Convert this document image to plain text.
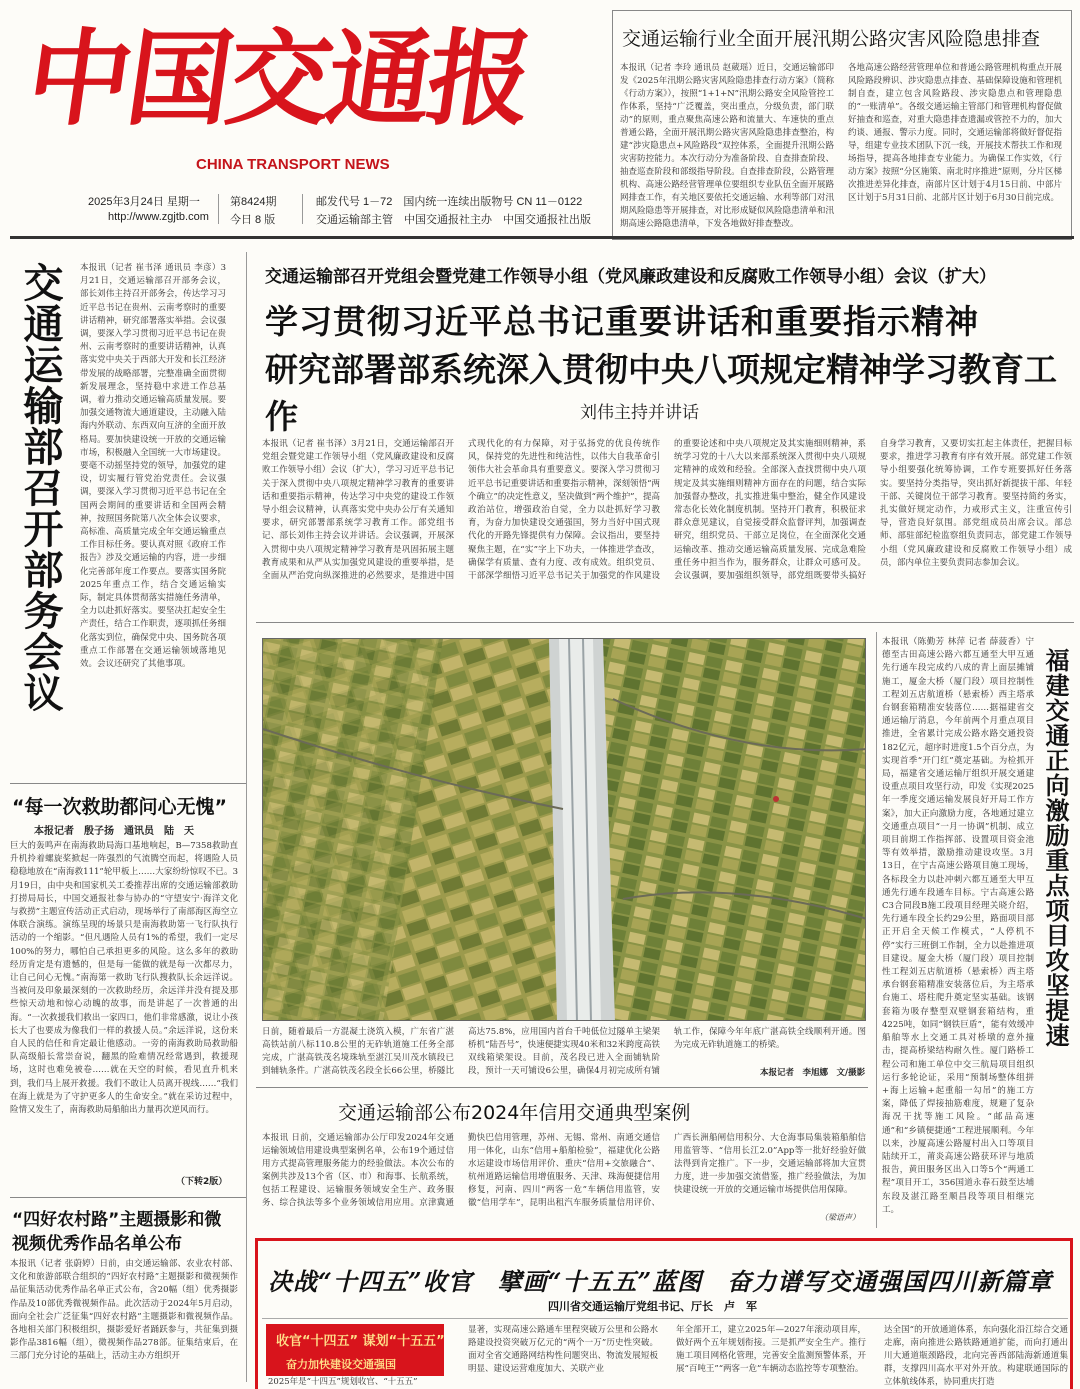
中国交通报
CHINA TRANSPORT NEWS
2025年3月24日 星期一
http://www.zgjtb.com
第8424期
今日 8 版
邮发代号 1－72　国内统一连续出版物号 CN 11－0122
交通运输部主管　中国交通报社主办　中国交通报社出版
交通运输行业全面开展汛期公路灾害风险隐患排查
本报讯（记者 李玲 通讯员 赵葳瑶）近日，交通运输部印发《2025年汛期公路灾害风险隐患排查行动方案》（简称《行动方案》），按照“1+1+N”汛期公路安全风险管控工作体系，坚持“广泛覆盖，突出重点，分级负责，部门联动”的原则，重点聚焦高速公路和流量大、车速快的重点普通公路，全面开展汛期公路灾害风险隐患排查整治，构建“涉灾隐患点+风险路段”双控体系，全面提升汛期公路灾害防控能力。本次行动分为准备阶段、自查排查阶段、抽查巡查阶段和部级指导阶段。自查排查阶段，公路管理机构、高速公路经营管理单位要组织专业队伍全面开展路网排查工作，有关地区要依托交通运输、水利等部门对汛期风险隐患等开展排查，对比形成疑似风险隐患清单和汛期高速公路隐患清单，下发各地做好排查整改。
各地高速公路经营管理单位和普通公路管理机构重点开展风险路段辨识、涉灾隐患点排查、基础保障设施和管理机制自查，建立包含风险路段、涉灾隐患点和管理隐患的“一账清单”。各级交通运输主管部门和管理机构督促做好抽查和巡查，对重大隐患排查遗漏或管控不力的，加大约谈、通报、警示力度。同时，交通运输部将做好督促指导，组建专业技术团队下沉一线，开展技术帮扶工作和现场指导，提高各地排查专业能力。为确保工作实效，《行动方案》按照“分区施策、南北时序推进”原则，分片区梯次推进差异化排查，南部片区计划于4月15日前、中部片区计划于5月31日前、北部片区计划于6月30日前完成。
交通运输部召开部务会议 本报讯（记者 崔书泽 通讯员 李彦）3月21日，交通运输部召开部务会议，部长刘伟主持召开部务会，传达学习习近平总书记在贵州、云南考察时的重要讲话精神，研究部署落实举措。会议强调，要深入学习贯彻习近平总书记在贵州、云南考察时的重要讲话精神，认真落实党中央关于西部大开发和长江经济带发展的战略部署，完整准确全面贯彻新发展理念，坚持稳中求进工作总基调，着力推动交通运输高质量发展。要加强交通物流大通道建设，主动融入陆海内外联动、东西双向互济的全面开放格局。要加快建设统一开放的交通运输市场，积极融入全国统一大市场建设。要毫不动摇坚持党的领导，加强党的建设，切实履行管党治党责任。会议强调，要深入学习贯彻习近平总书记在全国两会期间的重要讲话和全国两会精神，按照国务院第八次全体会议要求，高标准、高质量完成全年交通运输重点工作目标任务。要认真对照《政府工作报告》涉及交通运输的内容，进一步细化完善部年度工作要点。要落实国务院2025年重点工作，结合交通运输实际，制定具体贯彻落实措施任务清单，全力以赴抓好落实。要坚决扛起安全生产责任，结合工作职责，逐项抓任务细化落实到位，确保党中央、国务院各项重点工作部署在交通运输领域落地见效。会议还研究了其他事项。
“每一次救助都问心无愧”
本报记者　殷子扬　通讯员　陆　天
巨大的轰鸣声在南海救助局海口基地响起，B—7358救助直升机拎着螺旋桨掀起一阵强烈的气流腾空而起，将遇险人员稳稳地放在“南海救111”轮甲板上……大家纷纷惊叹不已。3月19日，由中央和国家机关工委推荐出席的交通运输部救助打捞局局长，中国交通报社参与协办的“守望安宁·海洋文化与救捞”主题宣传活动正式启动，现场举行了南部海区海空立体联合演练。演练呈现的场景只是南海救助第一飞行队执行活动的一个缩影。“但凡遇险人员有1%的希望，我们一定尽100%的努力，哪怕自己承担更多的风险。这么多年的救助经历肯定是有遗憾的，但是每一能做的就是每一次都尽力，让自己问心无愧。”南海第一救助飞行队搜救队长余远洋说。当被问及印象最深刻的一次救助经历，余远洋并没有提及那些惊天动地和惊心动魄的故事，而是讲起了一次普通的出海。“一次救援我们救出一家四口，他们非常感激，说让小孩长大了也要成为像我们一样的救援人员。”余远洋说，这份来自人民的信任和肯定最让他感动。一旁的南海救助局救助船队高级船长常崇奋说，翻黑的险难情况经常遇到，救援现场，这时也难免被卷……就在天空的时候，看见直升机来到，我们马上展开救援。我们不敢让人员离开视线……“我们在海上就是为了守护更多人的生命安全。”就在采访过程中，险情又发生了，南海救助局船舶出力量再次逆风而行。
（下转2版）
“四好农村路”主题摄影和微视频优秀作品名单公布
本报讯（记者 张蔚婷）日前，由交通运输部、农业农村部、文化和旅游部联合组织的“四好农村路”主题摄影和微视频作品征集活动优秀作品名单正式公布，含20幅（组）优秀摄影作品及10部优秀微视频作品。此次活动于2024年5月启动，面向全社会广泛征集“四好农村路”主题摄影和微视频作品。各地相关部门积极组织，摄影爱好者踊跃参与，共征集到摄影作品3816幅（组），微视频作品278部。征集结束后，在三部门充分讨论的基础上，活动主办方组织开
交通运输部召开党组会暨党建工作领导小组（党风廉政建设和反腐败工作领导小组）会议（扩大）
学习贯彻习近平总书记重要讲话和重要指示精神
研究部署部系统深入贯彻中央八项规定精神学习教育工作	刘伟主持并讲话
本报讯（记者 崔书泽）3月21日，交通运输部召开党组会暨党建工作领导小组（党风廉政建设和反腐败工作领导小组）会议（扩大），学习习近平总书记关于深入贯彻中央八项规定精神学习教育的重要讲话和重要指示精神，传达学习中央党的建设工作领导小组会议精神，认真落实党中央办公厅有关通知要求，研究部署部系统学习教育工作。部党组书记、部长刘伟主持会议并讲话。会议强调，开展深入贯彻中央八项规定精神学习教育是巩固拓展主题教育成果和从严从实加强党风建设的重要举措，是全面从严治党向纵深推进的必然要求，是推进中国式现代化的有力保障，对于弘扬党的优良传统作风，保持党的先进性和纯洁性，以伟大自我革命引领伟大社会革命具有重要意义。要深入学习贯彻习近平总书记重要讲话和重要指示精神，深刻领悟“两个确立”的决定性意义，坚决做到“两个维护”，提高政治站位，增强政治自觉，全力以赴抓好学习教育，为奋力加快建设交通强国，努力当好中国式现代化的开路先锋提供有力保障。会议指出，要坚持聚焦主题，在“实”字上下功夫，一体推进学查改，确保学有质量、查有力度、改有成效。组织党员、干部深学细悟习近平总书记关于加强党的作风建设的重要论述和中央八项规定及其实施细则精神，系统学习党的十八大以来部系统深入贯彻中央八项规定精神的成效和经验。全部深入查找贯彻中央八项规定及其实施细则精神方面存在的问题，结合实际加强督办整改，扎实推进集中整治，健全作风建设常态化长效化制度机制。坚持开门教育，积极征求群众意见建议，自觉接受群众监督评判，加强调查研究，组织党员、干部立足岗位，在全面深化交通运输改革、推动交通运输高质量发展、完成急难险重任务中担当作为，服务群众，让群众可感可及。会议强调，要加强组织领导，部党组既要带头搞好自身学习教育，又要切实扛起主体责任，把握目标要求，推进学习教育有序有效开展。部党建工作领导小组要强化统筹协调，工作专班要抓好任务落实。要坚持分类指导，突出抓好新提拔干部、年轻干部、关键岗位干部学习教育。要坚持简约务实，扎实做好规定动作，力戒形式主义，注重宣传引导，营造良好氛围。部党组成员出席会议。部总师、部驻部纪检监察组负责同志，部党建工作领导小组（党风廉政建设和反腐败工作领导小组）成员，部内单位主要负责同志参加会议。
日前，随着最后一方混凝土浇筑入模，广东省广湛高铁站前八标110.8公里的无砟轨道施工任务全部完成，广湛高铁茂名境珠轨至湛江吴川茂水镇段已到辅轨条件。广湛高铁茂名段全长66公里，桥隧比高达75.8%，应用国内首台千吨低位过隧单主梁架桥机“陆吾号”，快速便捷实现40米和32米跨度高铁双线箱梁架设。目前，茂名段已进入全面铺轨阶段，预计一天可铺设6公里，确保4月初完成所有铺轨工作，保障今年年底广湛高铁全线顺利开通。图为完成无砟轨道施工的桥梁。
本报记者　李旭娜　文/摄影
本报讯（陈勤芳 林萍 记者 薛菠香）宁德至古田高速公路六都互通至大甲互通先行通车段完成约八成的青上面层摊铺施工，厦金大桥（厦门段）项目控制性工程刘五店航道桥（悬索桥）西主塔承台钢套箱精准安装落位……据福建省交通运输厅消息，今年前两个月重点项目推进，全省累计完成公路水路交通投资182亿元，超序时进度1.5个百分点，为实现首季“开门红”奠定基础。为检抓开局，福建省交通运输厅组织开展交通建设重点项目攻坚行动，印发《实现2025年一季度交通运输发展良好开局工作方案》，加大正向激励力度，各地通过建立交通重点项目“一月一协调”机制、成立项目前期工作指挥部、设置项目资金池等有效举措，激励推动建设攻坚。3月13日，在宁古高速公路项目施工现场，各标段全力以赴冲刺六都互通至大甲互通先行通车段通车目标。宁古高速公路C3合同段B施工段项目经理关晓介绍，先行通车段全长约29公里，路面项目部正开启全天候工作模式，“人停机不停”实行三班倒工作制，全力以赴推进项目建设。厦金大桥（厦门段）项目控制性工程刘五店航道桥（悬索桥）西主塔承台钢套箱精准安装落位后，为主塔承台施工、塔柱爬升奠定坚实基础。该钢套箱为吸存整型双壁钢套箱结构，重4225吨，如同“钢铁巨盾”，能有效缓冲船舶等水上交通工具对桥墩的意外撞击，提高桥梁结构耐久性。厦门路桥工程公司和施工单位中交三航局项目组织运行多轮论证，采用“预制场整体组拼+海上运输+起重船一勾吊”的施工方案，降低了焊接抽筋难度，规避了复杂海况干扰等施工风险。“邮品高速通”和“乡镇便捷通”工程进展顺利。今年以来，沙厦高速公路厦村出入口等项目陆续开工，莆炎高速公路获环评与地质报告，黄田服务区出入口等5个“两通工程”项目开工，356国道永春石鼓至达埔东段及湛江路至顺昌段等项目相继完工。
福建交通正向激励重点项目攻坚提速
交通运输部公布2024年信用交通典型案例
本报讯 日前，交通运输部办公厅印发2024年交通运输领域信用建设典型案例名单，公布19个通过信用方式提高管理服务能力的经验做法。本次公布的案例共涉及13个省（区、市）和海事、长航系统，包括工程建设、运输服务领域安全生产、政务服务、综合执法等多个业务领域信用应用。京津冀通勤快巴信用管理，苏州、无锡、常州、南通交通信用一体化，山东“信用+船舶检验”，福建优化公路水运建设市场信用评价、重庆“信用+交旅融合”、杭州道路运输信用增值服务、天津、珠海便捷信用修复，河南、四川“两客一危”车辆信用监管，安徽“信用学车”，昆明出租汽车服务质量信用评价、广西长洲船闸信用积分、大仓海事局集装箱船舶信用监管等、“信用长江2.0”App等一批好经验好做法得到肯定推广。下一步，交通运输部将加大宣贯力度，进一步加强交流借鉴，推广经验做法，为加快建设统一开放的交通运输市场提供信用保障。
（梁语声）
决战“十四五”收官　擘画“十五五”蓝图　奋力谱写交通强国四川新篇章
四川省交通运输厅党组书记、厅长　卢　军
收官“十四五” 谋划“十五五”
奋力加快建设交通强国
2025年是“十四五”规划收官、“十五五”
显著，实现高速公路通车里程突破万公里和公路水路建设投资突破万亿元的“两个一万”历史性突破。面对全省交通路网结构性问题突出、物流发展短板明显、建设运营难度加大、关联产业
年全部开工，建立2025年—2027年滚动项目库，做好两个五年规划衔接。三是抓严安全生产。推行施工项目网格化管理，完善安全监测预警体系，开展“百吨王”“两客一危”车辆动态监控等专项整治。
达全国“的开放通道体系，东向强化沿江综合交通走廊，南向推进公路铁路通道扩能，而向打通出川大通道瓶颈路段，北向完善西部陆海新通道集群，支撑四川高水平对外开放。构建联通国际的立体航线体系，协同重庆打造
